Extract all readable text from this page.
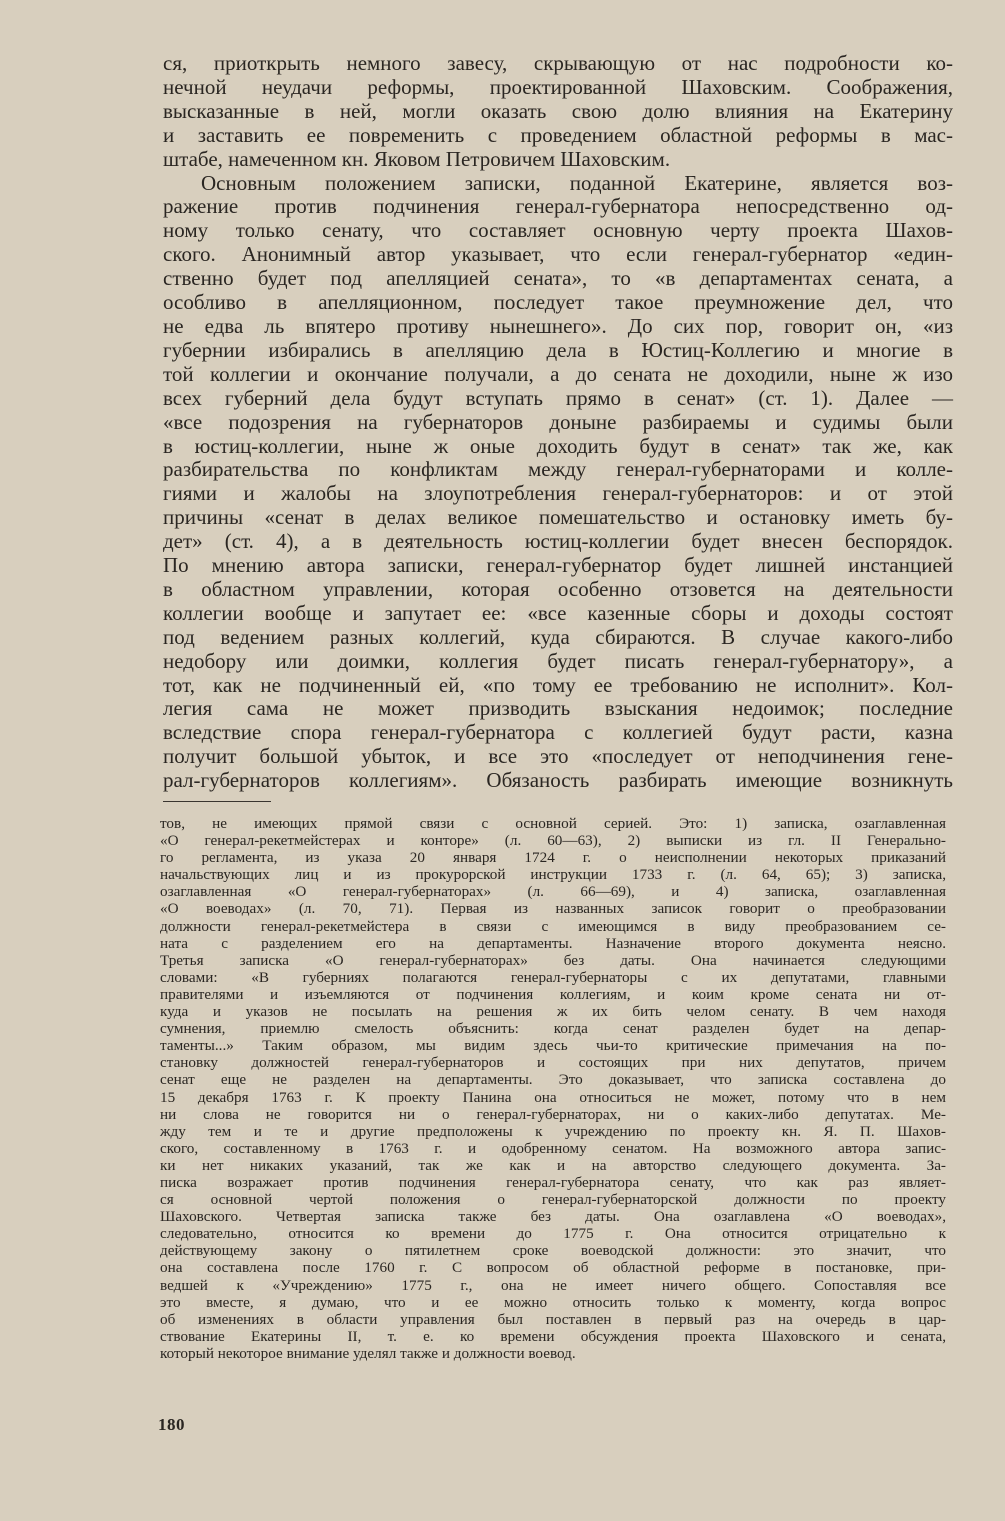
ся, приоткрыть немного завесу, скрывающую от нас подробности ко-
нечной неудачи реформы, проектированной Шаховским. Соображения,
высказанные в ней, могли оказать свою долю влияния на Екатерину
и заставить ее повременить с проведением областной реформы в мас-
штабе, намеченном кн. Яковом Петровичем Шаховским.
Основным положением записки, поданной Екатерине, является воз-
ражение против подчинения генерал-губернатора непосредственно од-
ному только сенату, что составляет основную черту проекта Шахов-
ского. Анонимный автор указывает, что если генерал-губернатор «един-
ственно будет под апелляцией сената», то «в департаментах сената, а
особливо в апелляционном, последует такое преумножение дел, что
не едва ль впятеро противу нынешнего». До сих пор, говорит он, «из
губернии избирались в апелляцию дела в Юстиц-Коллегию и многие в
той коллегии и окончание получали, а до сената не доходили, ныне ж изо
всех губерний дела будут вступать прямо в сенат» (ст. 1). Далее —
«все подозрения на губернаторов доныне разбираемы и судимы были
в юстиц-коллегии, ныне ж оные доходить будут в сенат» так же, как
разбирательства по конфликтам между генерал-губернаторами и колле-
гиями и жалобы на злоупотребления генерал-губернаторов: и от этой
причины «сенат в делах великое помешательство и остановку иметь бу-
дет» (ст. 4), а в деятельность юстиц-коллегии будет внесен беспорядок.
По мнению автора записки, генерал-губернатор будет лишней инстанцией
в областном управлении, которая особенно отзовется на деятельности
коллегии вообще и запутает ее: «все казенные сборы и доходы состоят
под ведением разных коллегий, куда сбираются. В случае какого-либо
недобору или доимки, коллегия будет писать генерал-губернатору», а
тот, как не подчиненный ей, «по тому ее требованию не исполнит». Кол-
легия сама не может призводить взыскания недоимок; последние
вследствие спора генерал-губернатора с коллегией будут расти, казна
получит большой убыток, и все это «последует от неподчинения гене-
рал-губернаторов коллегиям». Обязаность разбирать имеющие возникнуть
тов, не имеющих прямой связи с основной серией. Это: 1) записка, озаглавленная
«О генерал-рекетмейстерах и конторе» (л. 60—63), 2) выписки из гл. II Генерально-
го регламента, из указа 20 января 1724 г. о неисполнении некоторых приказаний
начальствующих лиц и из прокурорской инструкции 1733 г. (л. 64, 65); 3) записка,
озаглавленная «О генерал-губернаторах» (л. 66—69), и 4) записка, озаглавленная
«О воеводах» (л. 70, 71). Первая из названных записок говорит о преобразовании
должности генерал-рекетмейстера в связи с имеющимся в виду преобразованием се-
ната с разделением его на департаменты. Назначение второго документа неясно.
Третья записка «О генерал-губернаторах» без даты. Она начинается следующими
словами: «В губерниях полагаются генерал-губернаторы с их депутатами, главными
правителями и изъемляются от подчинения коллегиям, и коим кроме сената ни от-
куда и указов не посылать на решения ж их бить челом сенату. В чем находя
сумнения, приемлю смелость объяснить: когда сенат разделен будет на депар-
таменты...» Таким образом, мы видим здесь чьи-то критические примечания на по-
становку должностей генерал-губернаторов и состоящих при них депутатов, причем
сенат еще не разделен на департаменты. Это доказывает, что записка составлена до
15 декабря 1763 г. К проекту Панина она относиться не может, потому что в нем
ни слова не говорится ни о генерал-губернаторах, ни о каких-либо депутатах. Ме-
жду тем и те и другие предположены к учреждению по проекту кн. Я. П. Шахов-
ского, составленному в 1763 г. и одобренному сенатом. На возможного автора запис-
ки нет никаких указаний, так же как и на авторство следующего документа. За-
писка возражает против подчинения генерал-губернатора сенату, что как раз являет-
ся основной чертой положения о генерал-губернаторской должности по проекту
Шаховского. Четвертая записка также без даты. Она озаглавлена «О воеводах»,
следовательно, относится ко времени до 1775 г. Она относится отрицательно к
действующему закону о пятилетнем сроке воеводской должности: это значит, что
она составлена после 1760 г. С вопросом об областной реформе в постановке, при-
ведшей к «Учреждению» 1775 г., она не имеет ничего общего. Сопоставляя все
это вместе, я думаю, что и ее можно относить только к моменту, когда вопрос
об изменениях в области управления был поставлен в первый раз на очередь в цар-
ствование Екатерины II, т. е. ко времени обсуждения проекта Шаховского и сената,
который некоторое внимание уделял также и должности воевод.
180
